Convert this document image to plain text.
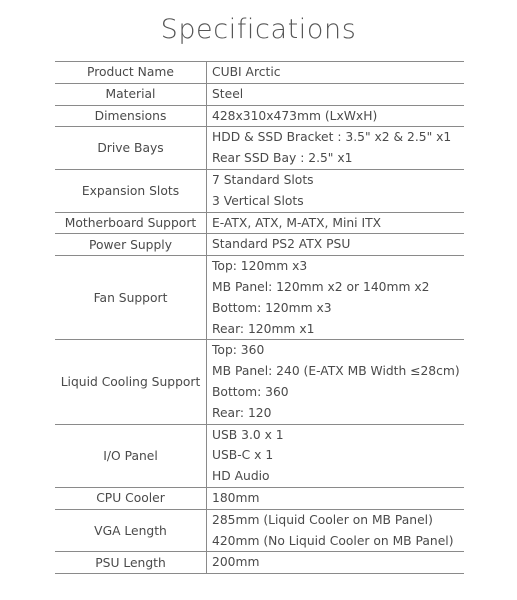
Specifications
Product Name	CUBI Arctic

Material	Steel

Dimensions	428x310x473mm (LxWxH)

Drive Bays	HDD & SSD Bracket : 3.5" x2 & 2.5" x1
Rear SSD Bay : 2.5" x1

Expansion Slots	7 Standard Slots
3 Vertical Slots

Motherboard Support	E-ATX, ATX, M-ATX, Mini ITX

Power Supply	Standard PS2 ATX PSU

Fan Support	Top: 120mm x3
MB Panel: 120mm x2 or 140mm x2
Bottom: 120mm x3
Rear: 120mm x1

Liquid Cooling Support	Top: 360
MB Panel: 240 (E-ATX MB Width ≤28cm)
Bottom: 360
Rear: 120

I/O Panel	USB 3.0 x 1
USB-C x 1
HD Audio

CPU Cooler	180mm

VGA Length	285mm (Liquid Cooler on MB Panel)
420mm (No Liquid Cooler on MB Panel)

PSU Length	200mm
